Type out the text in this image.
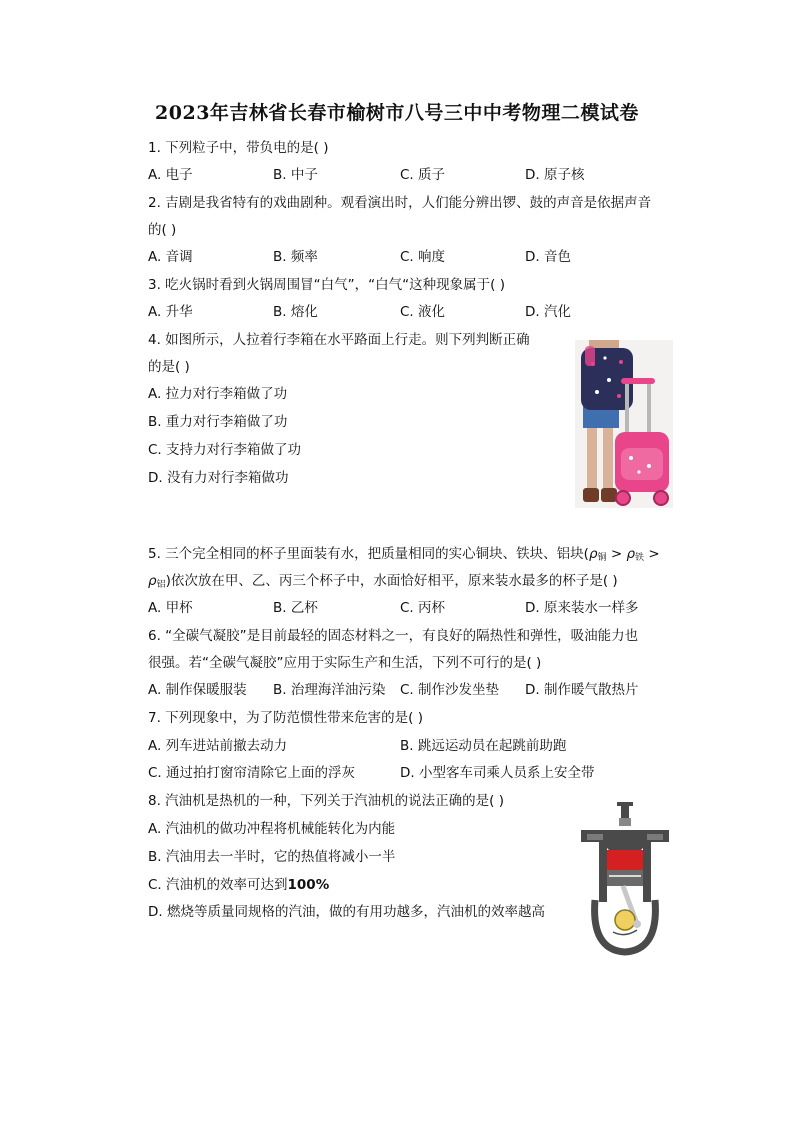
2023年吉林省长春市榆树市八号三中中考物理二模试卷
1. 下列粒子中，带负电的是( )
A. 电子	B. 中子	C. 质子	D. 原子核
2. 吉剧是我省特有的戏曲剧种。观看演出时，人们能分辨出锣、鼓的声音是依据声音
的( )
A. 音调	B. 频率	C. 响度	D. 音色
3. 吃火锅时看到火锅周围冒“白气”，“白气“这种现象属于( )
A. 升华	B. 熔化	C. 液化	D. 汽化
4. 如图所示，人拉着行李箱在水平路面上行走。则下列判断正确
的是( )
A. 拉力对行李箱做了功
B. 重力对行李箱做了功
C. 支持力对行李箱做了功
D. 没有力对行李箱做功
5. 三个完全相同的杯子里面装有水，把质量相同的实心铜块、铁块、铝块($\rho_铜 > \rho_铁$ >
$\rho_铝$)依次放在甲、乙、丙三个杯子中，水面恰好相平，原来装水最多的杯子是( )
A. 甲杯	B. 乙杯	C. 丙杯	D. 原来装水一样多
6. “全碳气凝胶”是目前最轻的固态材料之一，有良好的隔热性和弹性，吸油能力也
很强。若“全碳气凝胶”应用于实际生产和生活，下列不可行的是( )
A. 制作保暖服装 B. 治理海洋油污染 C. 制作沙发坐垫 D. 制作暖气散热片
7. 下列现象中，为了防范惯性带来危害的是( )
A. 列车进站前撤去动力	B. 跳远运动员在起跳前助跑
C. 通过拍打窗帘清除它上面的浮灰	D. 小型客车司乘人员系上安全带
8. 汽油机是热机的一种，下列关于汽油机的说法正确的是( )
A. 汽油机的做功冲程将机械能转化为内能
B. 汽油用去一半时，它的热值将减小一半
C. 汽油机的效率可达到100%
D. 燃烧等质量同规格的汽油，做的有用功越多，汽油机的效率越高
